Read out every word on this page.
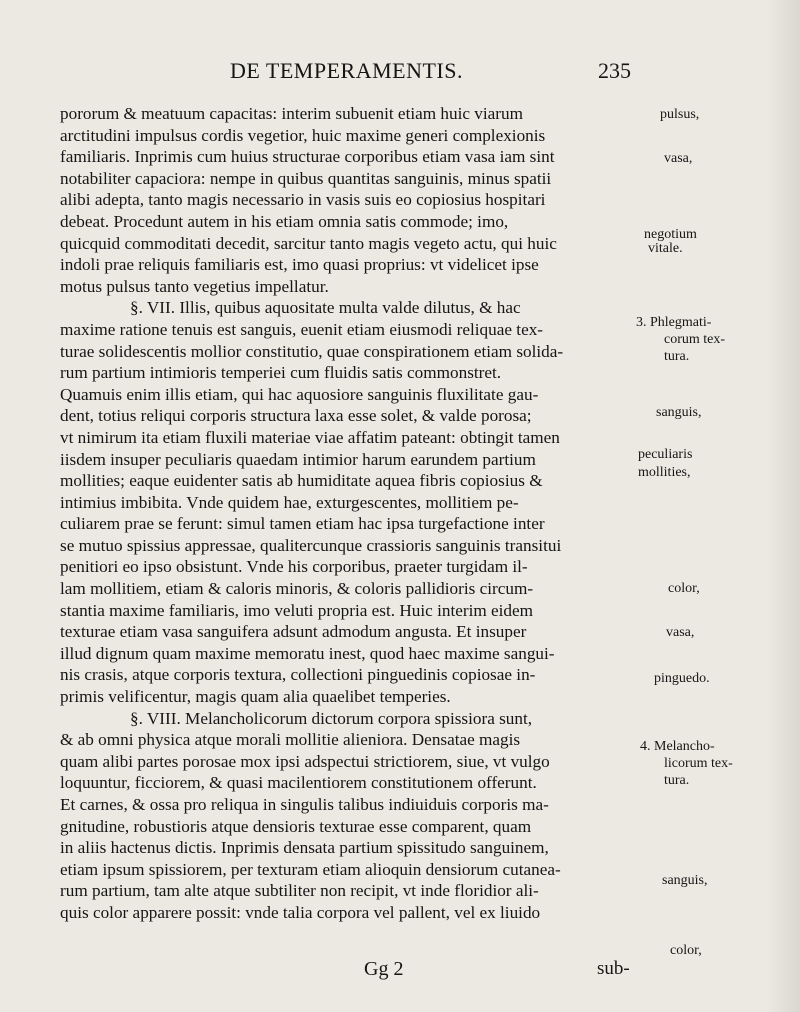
DE TEMPERAMENTIS.	235
pororum & meatuum capacitas: interim subuenit etiam huic viarum
arctitudini impulsus cordis vegetior, huic maxime generi complexionis
familiaris. Inprimis cum huius structurae corporibus etiam vasa iam sint
notabiliter capaciora: nempe in quibus quantitas sanguinis, minus spatii
alibi adepta, tanto magis necessario in vasis suis eo copiosius hospitari
debeat. Procedunt autem in his etiam omnia satis commode; imo,
quicquid commoditati decedit, sarcitur tanto magis vegeto actu, qui huic
indoli prae reliquis familiaris est, imo quasi proprius: vt videlicet ipse
motus pulsus tanto vegetius impellatur.
§. VII. Illis, quibus aquositate multa valde dilutus, & hac
maxime ratione tenuis est sanguis, euenit etiam eiusmodi reliquae tex-
turae solidescentis mollior constitutio, quae conspirationem etiam solida-
rum partium intimioris temperiei cum fluidis satis commonstret.
Quamuis enim illis etiam, qui hac aquosiore sanguinis fluxilitate gau-
dent, totius reliqui corporis structura laxa esse solet, & valde porosa;
vt nimirum ita etiam fluxili materiae viae affatim pateant: obtingit tamen
iisdem insuper peculiaris quaedam intimior harum earundem partium
mollities; eaque euidenter satis ab humiditate aquea fibris copiosius &
intimius imbibita. Vnde quidem hae, exturgescentes, mollitiem pe-
culiarem prae se ferunt: simul tamen etiam hac ipsa turgefactione inter
se mutuo spissius appressae, qualitercunque crassioris sanguinis transitui
penitiori eo ipso obsistunt. Vnde his corporibus, praeter turgidam il-
lam mollitiem, etiam & caloris minoris, & coloris pallidioris circum-
stantia maxime familiaris, imo veluti propria est. Huic interim eidem
texturae etiam vasa sanguifera adsunt admodum angusta. Et insuper
illud dignum quam maxime memoratu inest, quod haec maxime sangui-
nis crasis, atque corporis textura, collectioni pinguedinis copiosae in-
primis velificentur, magis quam alia quaelibet temperies.
§. VIII. Melancholicorum dictorum corpora spissiora sunt,
& ab omni physica atque morali mollitie alieniora. Densatae magis
quam alibi partes porosae mox ipsi adspectui strictiorem, siue, vt vulgo
loquuntur, ficciorem, & quasi macilentiorem constitutionem offerunt.
Et carnes, & ossa pro reliqua in singulis talibus indiuiduis corporis ma-
gnitudine, robustioris atque densioris texturae esse comparent, quam
in aliis hactenus dictis. Inprimis densata partium spissitudo sanguinem,
etiam ipsum spissiorem, per texturam etiam alioquin densiorum cutanea-
rum partium, tam alte atque subtiliter non recipit, vt inde floridior ali-
quis color apparere possit: vnde talia corpora vel pallent, vel ex liuido
pulsus,
vasa,
negotium
vitale.
3. Phlegmati-
corum tex-
tura.
sanguis,
peculiaris
mollities,
color,
vasa,
pinguedo.
4. Melancho-
licorum tex-
tura.
sanguis,
color,
Gg 2	sub-
